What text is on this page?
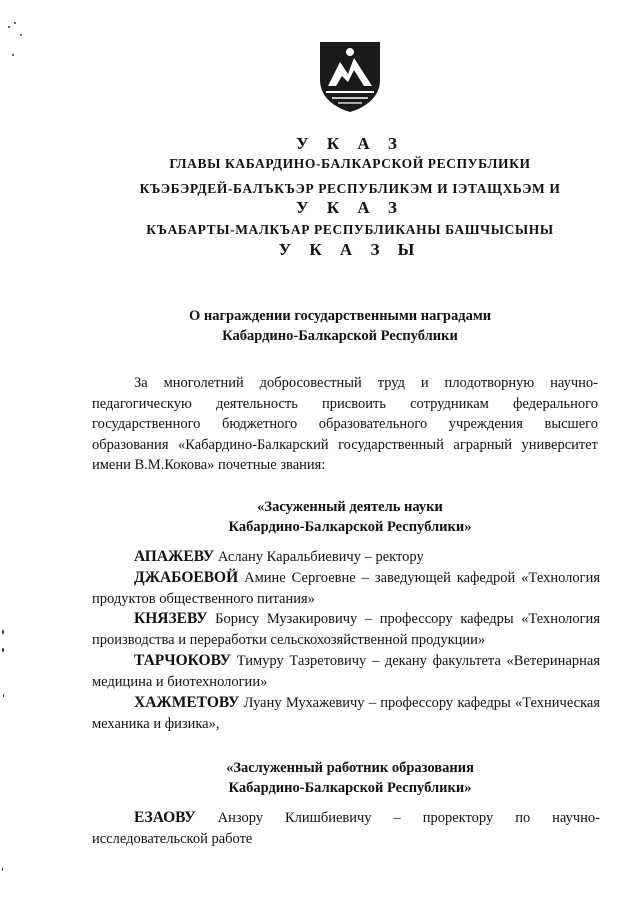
У К А З
ГЛАВЫ КАБАРДИНО-БАЛКАРСКОЙ РЕСПУБЛИКИ
КЪЭБЭРДЕЙ-БАЛЪКЪЭР РЕСПУБЛИКЭМ И ІЭТАЩХЬЭМ И
У К А З
КЪАБАРТЫ-МАЛКЪАР РЕСПУБЛИКАНЫ БАШЧЫСЫНЫ
У К А З Ы
О награждении государственными наградами
Кабардино-Балкарской Республики
За многолетний добросовестный труд и плодотворную научно-педагогическую деятельность присвоить сотрудникам федерального государственного бюджетного образовательного учреждения высшего образования «Кабардино-Балкарский государственный аграрный университет имени В.М.Кокова» почетные звания:
«Засуженный деятель науки
Кабардино-Балкарской Республики»
АПАЖЕВУ Аслану Каральбиевичу – ректору
ДЖАБОЕВОЙ Амине Сергоевне – заведующей кафедрой «Технология продуктов общественного питания»
КНЯЗЕВУ Борису Музакировичу – профессору кафедры «Технология производства и переработки сельскохозяйственной продукции»
ТАРЧОКОВУ Тимуру Тазретовичу – декану факультета «Ветеринарная медицина и биотехнологии»
ХАЖМЕТОВУ Луану Мухажевичу – профессору кафедры «Техническая механика и физика»,
«Заслуженный работник образования
Кабардино-Балкарской Республики»
ЕЗАОВУ Анзору Клишбиевичу – проректору по научно-исследовательской работе
